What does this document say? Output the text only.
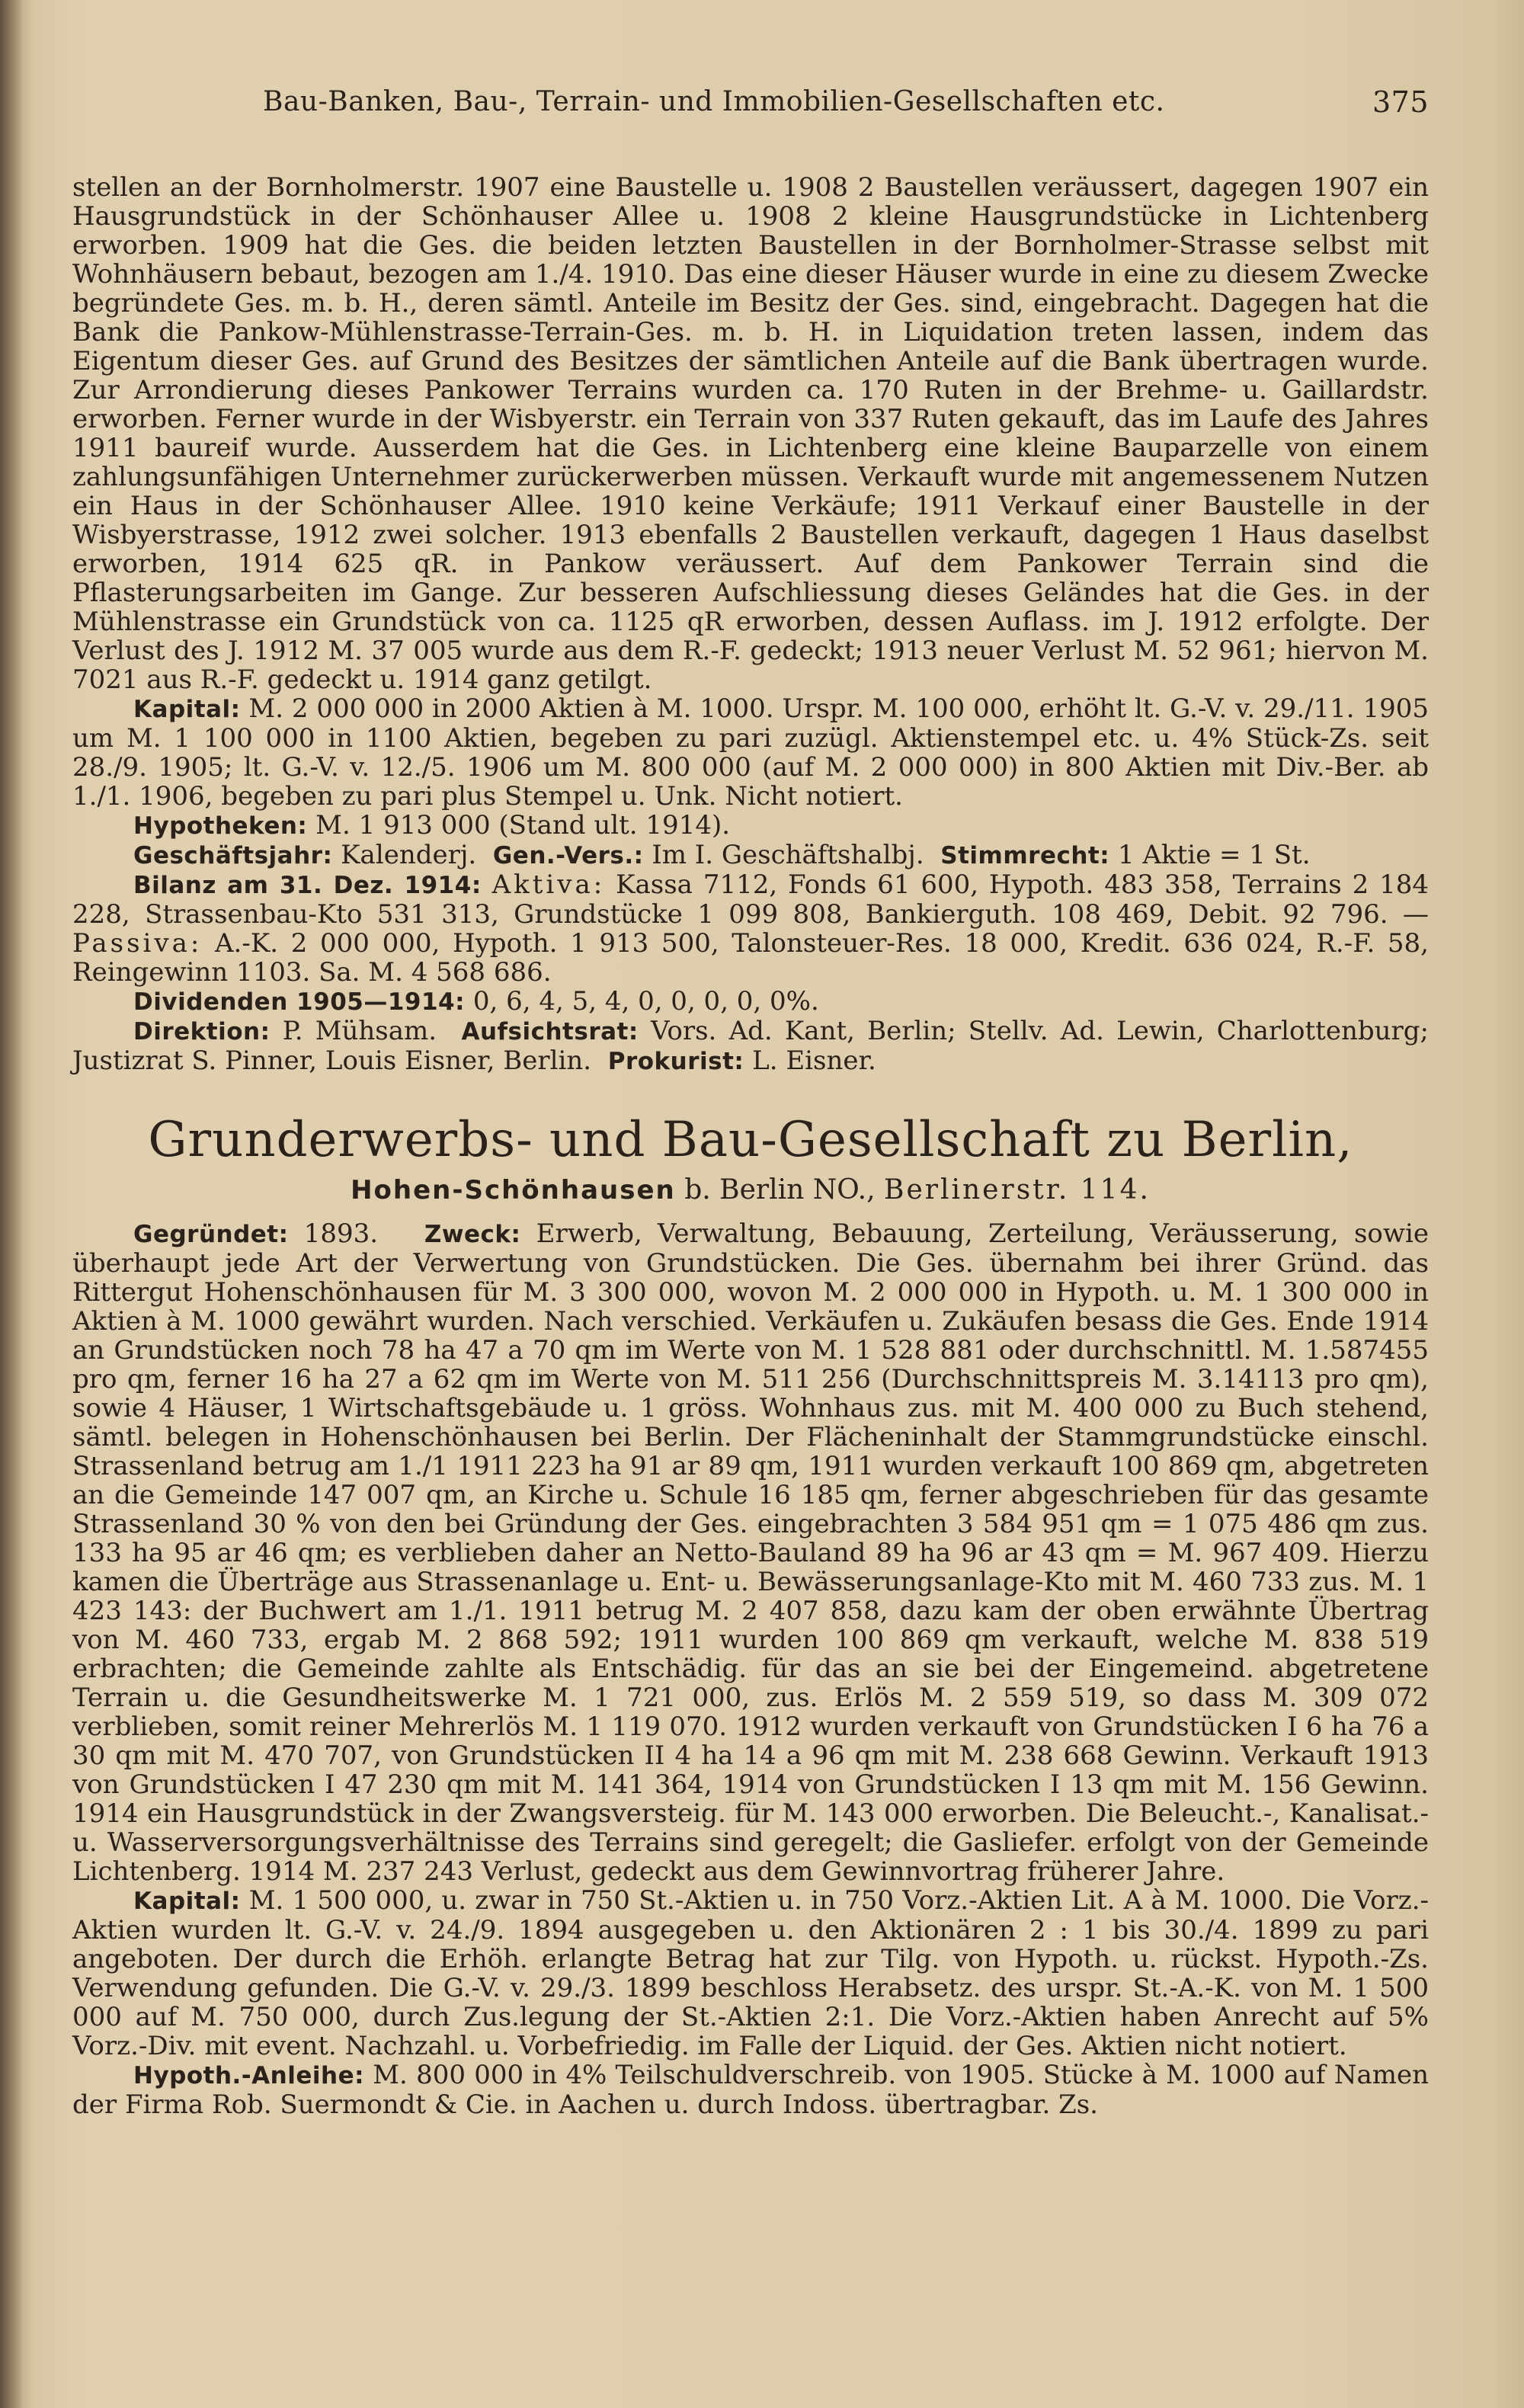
Bau-Banken, Bau-, Terrain- und Immobilien-Gesellschaften etc.	375

stellen an der Bornholmerstr. 1907 eine Baustelle u. 1908 2 Baustellen veräussert, dagegen 1907 ein Hausgrundstück in der Schönhauser Allee u. 1908 2 kleine Hausgrundstücke in Lichtenberg erworben. 1909 hat die Ges. die beiden letzten Baustellen in der Bornholmer-Strasse selbst mit Wohnhäusern bebaut, bezogen am 1./4. 1910. Das eine dieser Häuser wurde in eine zu diesem Zwecke begründete Ges. m. b. H., deren sämtl. Anteile im Besitz der Ges. sind, eingebracht. Dagegen hat die Bank die Pankow-Mühlenstrasse-Terrain-Ges. m. b. H. in Liquidation treten lassen, indem das Eigentum dieser Ges. auf Grund des Besitzes der sämtlichen Anteile auf die Bank übertragen wurde. Zur Arrondierung dieses Pankower Terrains wurden ca. 170 Ruten in der Brehme- u. Gaillardstr. erworben. Ferner wurde in der Wisbyerstr. ein Terrain von 337 Ruten gekauft, das im Laufe des Jahres 1911 baureif wurde. Ausserdem hat die Ges. in Lichtenberg eine kleine Bauparzelle von einem zahlungsunfähigen Unternehmer zurückerwerben müssen. Verkauft wurde mit angemessenem Nutzen ein Haus in der Schönhauser Allee. 1910 keine Verkäufe; 1911 Verkauf einer Baustelle in der Wisbyerstrasse, 1912 zwei solcher. 1913 ebenfalls 2 Baustellen verkauft, dagegen 1 Haus daselbst erworben, 1914 625 qR. in Pankow veräussert. Auf dem Pankower Terrain sind die Pflasterungsarbeiten im Gange. Zur besseren Aufschliessung dieses Geländes hat die Ges. in der Mühlenstrasse ein Grundstück von ca. 1125 qR erworben, dessen Auflass. im J. 1912 erfolgte. Der Verlust des J. 1912 M. 37 005 wurde aus dem R.-F. gedeckt; 1913 neuer Verlust M. 52 961; hiervon M. 7021 aus R.-F. gedeckt u. 1914 ganz getilgt.

Kapital: M. 2 000 000 in 2000 Aktien à M. 1000. Urspr. M. 100 000, erhöht lt. G.-V. v. 29./11. 1905 um M. 1 100 000 in 1100 Aktien, begeben zu pari zuzügl. Aktienstempel etc. u. 4% Stück-Zs. seit 28./9. 1905; lt. G.-V. v. 12./5. 1906 um M. 800 000 (auf M. 2 000 000) in 800 Aktien mit Div.-Ber. ab 1./1. 1906, begeben zu pari plus Stempel u. Unk. Nicht notiert.

Hypotheken: M. 1 913 000 (Stand ult. 1914).

Geschäftsjahr: Kalenderj. Gen.-Vers.: Im I. Geschäftshalbj. Stimmrecht: 1 Aktie = 1 St.

Bilanz am 31. Dez. 1914: Aktiva: Kassa 7112, Fonds 61 600, Hypoth. 483 358, Terrains 2 184 228, Strassenbau-Kto 531 313, Grundstücke 1 099 808, Bankierguth. 108 469, Debit. 92 796. — Passiva: A.-K. 2 000 000, Hypoth. 1 913 500, Talonsteuer-Res. 18 000, Kredit. 636 024, R.-F. 58, Reingewinn 1103. Sa. M. 4 568 686.

Dividenden 1905—1914: 0, 6, 4, 5, 4, 0, 0, 0, 0, 0%.

Direktion: P. Mühsam. Aufsichtsrat: Vors. Ad. Kant, Berlin; Stellv. Ad. Lewin, Charlottenburg; Justizrat S. Pinner, Louis Eisner, Berlin. Prokurist: L. Eisner.

Grunderwerbs- und Bau-Gesellschaft zu Berlin,
Hohen-Schönhausen b. Berlin NO., Berlinerstr. 114.

Gegründet: 1893. Zweck: Erwerb, Verwaltung, Bebauung, Zerteilung, Veräusserung, sowie überhaupt jede Art der Verwertung von Grundstücken. Die Ges. übernahm bei ihrer Gründ. das Rittergut Hohenschönhausen für M. 3 300 000, wovon M. 2 000 000 in Hypoth. u. M. 1 300 000 in Aktien à M. 1000 gewährt wurden. Nach verschied. Verkäufen u. Zukäufen besass die Ges. Ende 1914 an Grundstücken noch 78 ha 47 a 70 qm im Werte von M. 1 528 881 oder durchschnittl. M. 1.587455 pro qm, ferner 16 ha 27 a 62 qm im Werte von M. 511 256 (Durchschnittspreis M. 3.14113 pro qm), sowie 4 Häuser, 1 Wirtschaftsgebäude u. 1 gröss. Wohnhaus zus. mit M. 400 000 zu Buch stehend, sämtl. belegen in Hohenschönhausen bei Berlin. Der Flächeninhalt der Stammgrundstücke einschl. Strassenland betrug am 1./1 1911 223 ha 91 ar 89 qm, 1911 wurden verkauft 100 869 qm, abgetreten an die Gemeinde 147 007 qm, an Kirche u. Schule 16 185 qm, ferner abgeschrieben für das gesamte Strassenland 30 % von den bei Gründung der Ges. eingebrachten 3 584 951 qm = 1 075 486 qm zus. 133 ha 95 ar 46 qm; es verblieben daher an Netto-Bauland 89 ha 96 ar 43 qm = M. 967 409. Hierzu kamen die Überträge aus Strassenanlage u. Ent- u. Bewässerungsanlage-Kto mit M. 460 733 zus. M. 1 423 143: der Buchwert am 1./1. 1911 betrug M. 2 407 858, dazu kam der oben erwähnte Übertrag von M. 460 733, ergab M. 2 868 592; 1911 wurden 100 869 qm verkauft, welche M. 838 519 erbrachten; die Gemeinde zahlte als Entschädig. für das an sie bei der Eingemeind. abgetretene Terrain u. die Gesundheitswerke M. 1 721 000, zus. Erlös M. 2 559 519, so dass M. 309 072 verblieben, somit reiner Mehrerlös M. 1 119 070. 1912 wurden verkauft von Grundstücken I 6 ha 76 a 30 qm mit M. 470 707, von Grundstücken II 4 ha 14 a 96 qm mit M. 238 668 Gewinn. Verkauft 1913 von Grundstücken I 47 230 qm mit M. 141 364, 1914 von Grundstücken I 13 qm mit M. 156 Gewinn. 1914 ein Hausgrundstück in der Zwangsversteig. für M. 143 000 erworben. Die Beleucht.-, Kanalisat.- u. Wasserversorgungsverhältnisse des Terrains sind geregelt; die Gasliefer. erfolgt von der Gemeinde Lichtenberg. 1914 M. 237 243 Verlust, gedeckt aus dem Gewinnvortrag früherer Jahre.

Kapital: M. 1 500 000, u. zwar in 750 St.-Aktien u. in 750 Vorz.-Aktien Lit. A à M. 1000. Die Vorz.-Aktien wurden lt. G.-V. v. 24./9. 1894 ausgegeben u. den Aktionären 2 : 1 bis 30./4. 1899 zu pari angeboten. Der durch die Erhöh. erlangte Betrag hat zur Tilg. von Hypoth. u. rückst. Hypoth.-Zs. Verwendung gefunden. Die G.-V. v. 29./3. 1899 beschloss Herabsetz. des urspr. St.-A.-K. von M. 1 500 000 auf M. 750 000, durch Zus.legung der St.-Aktien 2:1. Die Vorz.-Aktien haben Anrecht auf 5% Vorz.-Div. mit event. Nachzahl. u. Vorbefriedig. im Falle der Liquid. der Ges. Aktien nicht notiert.

Hypoth.-Anleihe: M. 800 000 in 4% Teilschuldverschreib. von 1905. Stücke à M. 1000 auf Namen der Firma Rob. Suermondt & Cie. in Aachen u. durch Indoss. übertragbar. Zs.
